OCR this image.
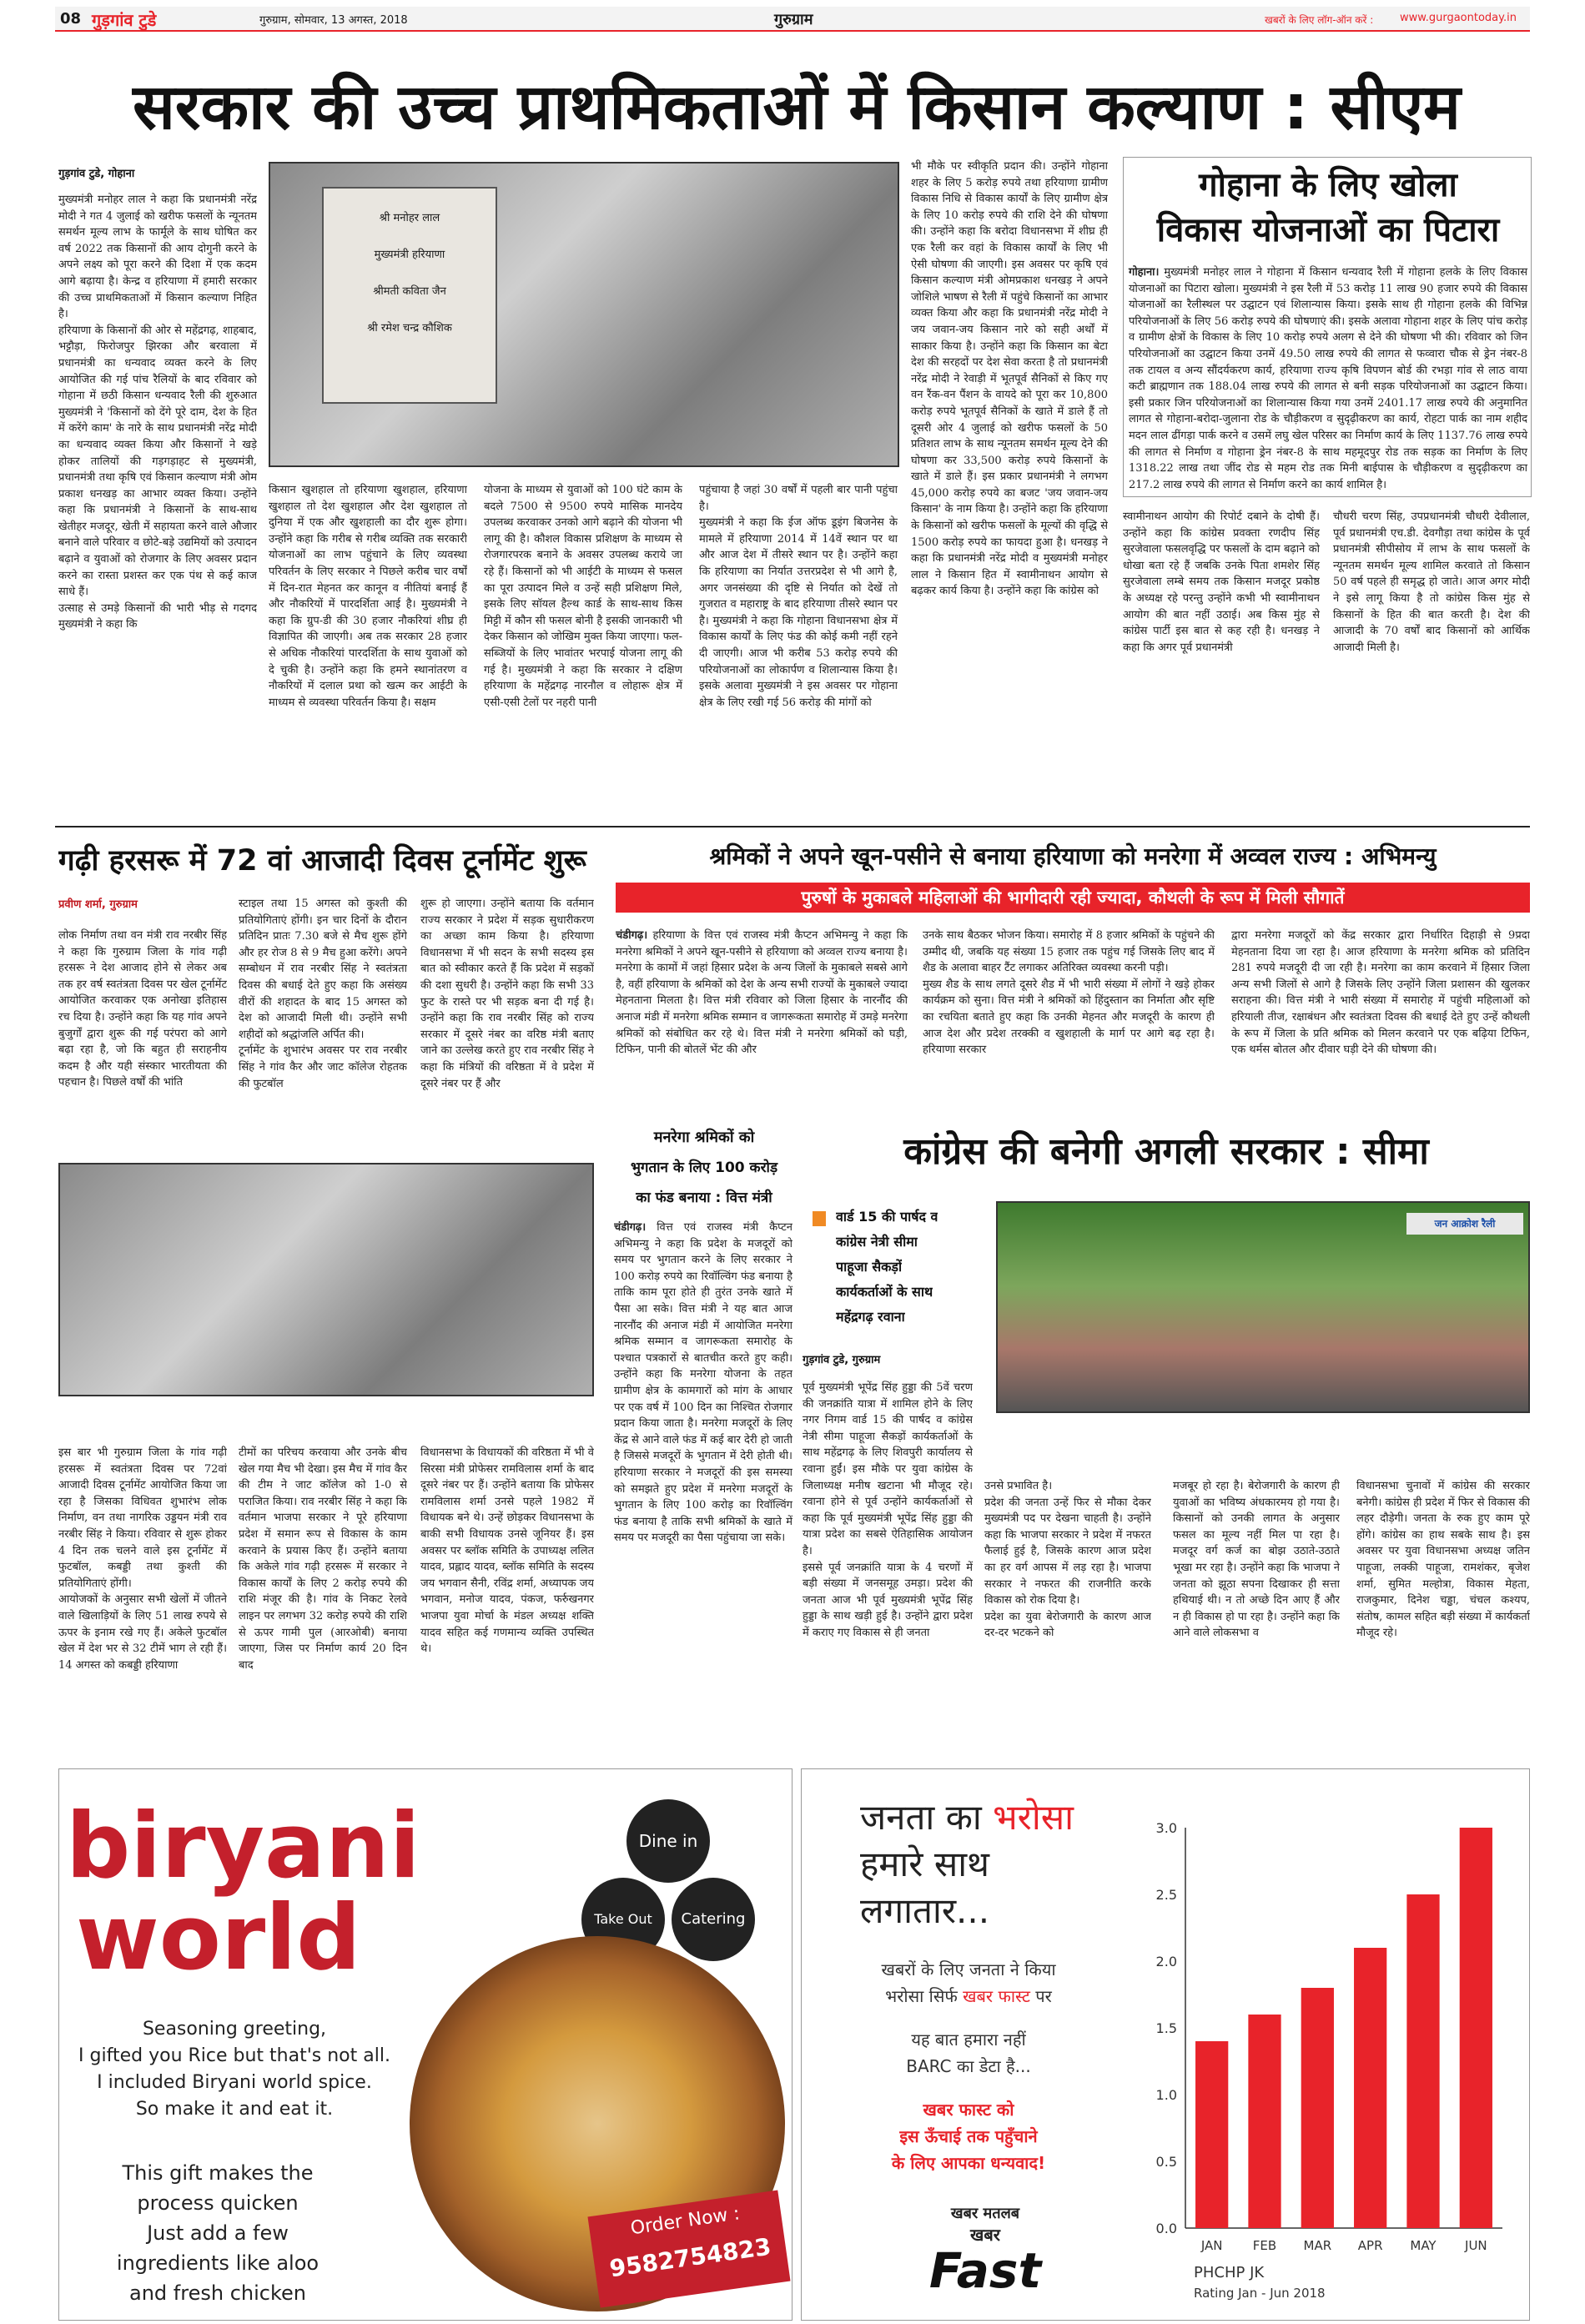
08 गुड़गांव टुडे	गुरुग्राम, सोमवार, 13 अगस्त, 2018	गुरुग्राम	खबरों के लिए लॉग-ऑन करें : www.gurgaontoday.in
सरकार की उच्च प्राथमिकताओं में किसान कल्याण : सीएम
गुड़गांव टुडे, गोहाना
मुख्यमंत्री मनोहर लाल ने कहा कि प्रधानमंत्री नरेंद्र मोदी ने गत 4 जुलाई को खरीफ फसलों के न्यूनतम समर्थन मूल्य लाभ के फार्मूले के साथ घोषित कर वर्ष 2022 तक किसानों की आय दोगुनी करने के अपने लक्ष्य को पूरा करने की दिशा में एक कदम आगे बढ़ाया है। केन्द्र व हरियाणा में हमारी सरकार की उच्च प्राथमिकताओं में किसान कल्याण निहित है।
हरियाणा के किसानों की ओर से महेंद्रगढ़, शाहबाद, भट्टौड़ा, फिरोजपुर झिरका और बरवाला में प्रधानमंत्री का धन्यवाद व्यक्त करने के लिए आयोजित की गई पांच रैलियों के बाद रविवार को गोहाना में छठी किसान धन्यवाद रैली की शुरुआत मुख्यमंत्री ने 'किसानों को देंगे पूरे दाम, देश के हित में करेंगे काम' के नारे के साथ प्रधानमंत्री नरेंद्र मोदी का धन्यवाद व्यक्त किया और किसानों ने खड़े होकर तालियों की गड़गड़ाहट से मुख्यमंत्री, प्रधानमंत्री तथा कृषि एवं किसान कल्याण मंत्री ओम प्रकाश धनखड़ का आभार व्यक्त किया। उन्होंने कहा कि प्रधानमंत्री ने किसानों के साथ-साथ खेतीहर मजदूर, खेती में सहायता करने वाले औजार बनाने वाले परिवार व छोटे-बड़े उद्यमियों को उत्पादन बढ़ाने व युवाओं को रोजगार के लिए अवसर प्रदान करने का रास्ता प्रशस्त कर एक पंथ से कई काज साधे हैं।
उत्साह से उमड़े किसानों की भारी भीड़ से गदगद मुख्यमंत्री ने कहा कि
श्री मनोहर लाल
मुख्यमंत्री हरियाणा
श्रीमती कविता जैन
श्री रमेश चन्द्र कौशिक
किसान खुशहाल तो हरियाणा खुशहाल, हरियाणा खुशहाल तो देश खुशहाल और देश खुशहाल तो दुनिया में एक और खुशहाली का दौर शुरू होगा। उन्होंने कहा कि गरीब से गरीब व्यक्ति तक सरकारी योजनाओं का लाभ पहुंचाने के लिए व्यवस्था परिवर्तन के लिए सरकार ने पिछले करीब चार वर्षों में दिन-रात मेहनत कर कानून व नीतियां बनाई हैं और नौकरियों में पारदर्शिता आई है। मुख्यमंत्री ने कहा कि ग्रुप-डी की 30 हजार नौकरियां शीघ्र ही विज्ञापित की जाएगी। अब तक सरकार 28 हजार से अधिक नौकरियां पारदर्शिता के साथ युवाओं को दे चुकी है। उन्होंने कहा कि हमने स्थानांतरण व नौकरियों में दलाल प्रथा को खत्म कर आईटी के माध्यम से व्यवस्था परिवर्तन किया है। सक्षम
योजना के माध्यम से युवाओं को 100 घंटे काम के बदले 7500 से 9500 रुपये मासिक मानदेय उपलब्ध करवाकर उनको आगे बढ़ाने की योजना भी लागू की है। कौशल विकास प्रशिक्षण के माध्यम से रोजगारपरक बनाने के अवसर उपलब्ध कराये जा रहे हैं। किसानों को भी आईटी के माध्यम से फसल का पूरा उत्पादन मिले व उन्हें सही प्रशिक्षण मिले, इसके लिए सॉयल हैल्थ कार्ड के साथ-साथ किस मिट्टी में कौन सी फसल बोनी है इसकी जानकारी भी देकर किसान को जोखिम मुक्त किया जाएगा। फल-सब्जियों के लिए भावांतर भरपाई योजना लागू की गई है। मुख्यमंत्री ने कहा कि सरकार ने दक्षिण हरियाणा के महेंद्रगढ़ नारनौल व लोहारू क्षेत्र में एसी-एसी टेलों पर नहरी पानी
पहुंचाया है जहां 30 वर्षों में पहली बार पानी पहुंचा है।
मुख्यमंत्री ने कहा कि ईज ऑफ डूइंग बिजनेस के मामले में हरियाणा 2014 में 14वें स्थान पर था और आज देश में तीसरे स्थान पर है। उन्होंने कहा कि हरियाणा का निर्यात उत्तरप्रदेश से भी आगे है, अगर जनसंख्या की दृष्टि से निर्यात को देखें तो गुजरात व महाराष्ट्र के बाद हरियाणा तीसरे स्थान पर है। मुख्यमंत्री ने कहा कि गोहाना विधानसभा क्षेत्र में विकास कार्यों के लिए फंड की कोई कमी नहीं रहने दी जाएगी। आज भी करीब 53 करोड़ रुपये की परियोजनाओं का लोकार्पण व शिलान्यास किया है। इसके अलावा मुख्यमंत्री ने इस अवसर पर गोहाना क्षेत्र के लिए रखी गई 56 करोड़ की मांगों को
भी मौके पर स्वीकृति प्रदान की। उन्होंने गोहाना शहर के लिए 5 करोड़ रुपये तथा हरियाणा ग्रामीण विकास निधि से विकास कार्यों के लिए ग्रामीण क्षेत्र के लिए 10 करोड़ रुपये की राशि देने की घोषणा की। उन्होंने कहा कि बरोदा विधानसभा में शीघ्र ही एक रैली कर वहां के विकास कार्यों के लिए भी ऐसी घोषणा की जाएगी। इस अवसर पर कृषि एवं किसान कल्याण मंत्री ओमप्रकाश धनखड़ ने अपने जोशिले भाषण से रैली में पहुंचे किसानों का आभार व्यक्त किया और कहा कि प्रधानमंत्री नरेंद्र मोदी ने जय जवान-जय किसान नारे को सही अर्थों में साकार किया है। उन्होंने कहा कि किसान का बेटा देश की सरहदों पर देश सेवा करता है तो प्रधानमंत्री नरेंद्र मोदी ने रेवाड़ी में भूतपूर्व सैनिकों से किए गए वन रैंक-वन पैंशन के वायदे को पूरा कर 10,800 करोड़ रुपये भूतपूर्व सैनिकों के खाते में डाले हैं तो दूसरी ओर 4 जुलाई को खरीफ फसलों के 50 प्रतिशत लाभ के साथ न्यूनतम समर्थन मूल्य देने की घोषणा कर 33,500 करोड़ रुपये किसानों के खाते में डाले हैं। इस प्रकार प्रधानमंत्री ने लगभग 45,000 करोड़ रुपये का बजट 'जय जवान-जय किसान' के नाम किया है। उन्होंने कहा कि हरियाणा के किसानों को खरीफ फसलों के मूल्यों की वृद्धि से 1500 करोड़ रुपये का फायदा हुआ है। धनखड़ ने कहा कि प्रधानमंत्री नरेंद्र मोदी व मुख्यमंत्री मनोहर लाल ने किसान हित में स्वामीनाथन आयोग से बढ़कर कार्य किया है। उन्होंने कहा कि कांग्रेस को
गोहाना के लिए खोला
विकास योजनाओं का पिटारा
गोहाना। मुख्यमंत्री मनोहर लाल ने गोहाना में किसान धन्यवाद रैली में गोहाना हलके के लिए विकास योजनाओं का पिटारा खोला। मुख्यमंत्री ने इस रैली में 53 करोड़ 11 लाख 90 हजार रुपये की विकास योजनाओं का रैलीस्थल पर उद्घाटन एवं शिलान्यास किया। इसके साथ ही गोहाना हलके की विभिन्न परियोजनाओं के लिए 56 करोड़ रुपये की घोषणाएं की। इसके अलावा गोहाना शहर के लिए पांच करोड़ व ग्रामीण क्षेत्रों के विकास के लिए 10 करोड़ रुपये अलग से देने की घोषणा भी की। रविवार को जिन परियोजनाओं का उद्घाटन किया उनमें 49.50 लाख रुपये की लागत से फव्वारा चौक से ड्रेन नंबर-8 तक टायल व अन्य सौंदर्यकरण कार्य, हरियाणा राज्य कृषि विपणन बोर्ड की रभड़ा गांव से लाठ वाया कटी ब्राह्मणान तक 188.04 लाख रुपये की लागत से बनी सड़क परियोजनाओं का उद्घाटन किया। इसी प्रकार जिन परियोजनाओं का शिलान्यास किया गया उनमें 2401.17 लाख रुपये की अनुमानित लागत से गोहाना-बरोदा-जुलाना रोड के चौड़ीकरण व सुदृढ़ीकरण का कार्य, रोहटा पार्क का नाम शहीद मदन लाल ढींगड़ा पार्क करने व उसमें लघु खेल परिसर का निर्माण कार्य के लिए 1137.76 लाख रुपये की लागत से निर्माण व गोहाना ड्रेन नंबर-8 के साथ महमूदपुर रोड तक सड़क का निर्माण के लिए 1318.22 लाख तथा जींद रोड से महम रोड तक मिनी बाईपास के चौड़ीकरण व सुदृढ़ीकरण का 217.2 लाख रुपये की लागत से निर्माण करने का कार्य शामिल है।
स्वामीनाथन आयोग की रिपोर्ट दबाने के दोषी हैं। उन्होंने कहा कि कांग्रेस प्रवक्ता रणदीप सिंह सुरजेवाला फसलवृद्धि पर फसलों के दाम बढ़ाने को धोखा बता रहे हैं जबकि उनके पिता शमशेर सिंह सुरजेवाला लम्बे समय तक किसान मजदूर प्रकोष्ठ के अध्यक्ष रहे परन्तु उन्होंने कभी भी स्वामीनाथन आयोग की बात नहीं उठाई। अब किस मुंह से कांग्रेस पार्टी इस बात से कह रही है। धनखड़ ने कहा कि अगर पूर्व प्रधानमंत्री
चौधरी चरण सिंह, उपप्रधानमंत्री चौधरी देवीलाल, पूर्व प्रधानमंत्री एच.डी. देवगौड़ा तथा कांग्रेस के पूर्व प्रधानमंत्री सीपीसोय में लाभ के साथ फसलों के न्यूनतम समर्थन मूल्य शामिल करवाते तो किसान 50 वर्ष पहले ही समृद्ध हो जाते। आज अगर मोदी ने इसे लागू किया है तो कांग्रेस किस मुंह से किसानों के हित की बात करती है। देश की आजादी के 70 वर्षों बाद किसानों को आर्थिक आजादी मिली है।
गढ़ी हरसरू में 72 वां आजादी दिवस टूर्नामेंट शुरू
प्रवीण शर्मा, गुरुग्राम
लोक निर्माण तथा वन मंत्री राव नरबीर सिंह ने कहा कि गुरुग्राम जिला के गांव गढ़ी हरसरू ने देश आजाद होने से लेकर अब तक हर वर्ष स्वतंत्रता दिवस पर खेल टूर्नामेंट आयोजित करवाकर एक अनोखा इतिहास रच दिया है। उन्होंने कहा कि यह गांव अपने बुजुर्गों द्वारा शुरू की गई परंपरा को आगे बढ़ा रहा है, जो कि बहुत ही सराहनीय कदम है और यही संस्कार भारतीयता की पहचान है। पिछले वर्षों की भांति
स्टाइल तथा 15 अगस्त को कुश्ती की प्रतियोगिताएं होंगी। इन चार दिनों के दौरान प्रतिदिन प्रातः 7.30 बजे से मैच शुरू होंगे और हर रोज 8 से 9 मैच हुआ करेंगे। अपने सम्बोधन में राव नरबीर सिंह ने स्वतंत्रता दिवस की बधाई देते हुए कहा कि असंख्य वीरों की शहादत के बाद 15 अगस्त को देश को आजादी मिली थी। उन्होंने सभी शहीदों को श्रद्धांजलि अर्पित की।
टूर्नामेंट के शुभारंभ अवसर पर राव नरबीर सिंह ने गांव कैर और जाट कॉलेज रोहतक की फुटबॉल
शुरू हो जाएगा। उन्होंने बताया कि वर्तमान राज्य सरकार ने प्रदेश में सड़क सुधारीकरण का अच्छा काम किया है। हरियाणा विधानसभा में भी सदन के सभी सदस्य इस बात को स्वीकार करते हैं कि प्रदेश में सड़कों की दशा सुधरी है। उन्होंने कहा कि सभी 33 फुट के रास्ते पर भी सड़क बना दी गई है। उन्होंने कहा कि राव नरबीर सिंह को राज्य सरकार में दूसरे नंबर का वरिष्ठ मंत्री बताए जाने का उल्लेख करते हुए राव नरबीर सिंह ने कहा कि मंत्रियों की वरिष्ठता में वे प्रदेश में दूसरे नंबर पर हैं और
इस बार भी गुरुग्राम जिला के गांव गढ़ी हरसरू में स्वतंत्रता दिवस पर 72वां आजादी दिवस टूर्नामेंट आयोजित किया जा रहा है जिसका विधिवत शुभारंभ लोक निर्माण, वन तथा नागरिक उड्डयन मंत्री राव नरबीर सिंह ने किया। रविवार से शुरू होकर 4 दिन तक चलने वाले इस टूर्नामेंट में फुटबॉल, कबड्डी तथा कुश्ती की प्रतियोगिताएं होंगी।
आयोजकों के अनुसार सभी खेलों में जीतने वाले खिलाड़ियों के लिए 51 लाख रुपये से ऊपर के इनाम रखे गए हैं। अकेले फुटबॉल खेल में देश भर से 32 टीमें भाग ले रही हैं। 14 अगस्त को कबड्डी हरियाणा
टीमों का परिचय करवाया और उनके बीच खेल गया मैच भी देखा। इस मैच में गांव कैर की टीम ने जाट कॉलेज को 1-0 से पराजित किया। राव नरबीर सिंह ने कहा कि वर्तमान भाजपा सरकार ने पूरे हरियाणा प्रदेश में समान रूप से विकास के काम करवाने के प्रयास किए हैं। उन्होंने बताया कि अकेले गांव गढ़ी हरसरू में सरकार ने विकास कार्यों के लिए 2 करोड़ रुपये की राशि मंजूर की है। गांव के निकट रेलवे लाइन पर लगभग 32 करोड़ रुपये की राशि से ऊपर गामी पुल (आरओबी) बनाया जाएगा, जिस पर निर्माण कार्य 20 दिन बाद
विधानसभा के विधायकों की वरिष्ठता में भी वे सिरसा मंत्री प्रोफेसर रामविलास शर्मा के बाद दूसरे नंबर पर हैं। उन्होंने बताया कि प्रोफेसर रामविलास शर्मा उनसे पहले 1982 में विधायक बने थे। उन्हें छोड़कर विधानसभा के बाकी सभी विधायक उनसे जूनियर हैं। इस अवसर पर ब्लॉक समिति के उपाध्यक्ष ललित यादव, प्रह्लाद यादव, ब्लॉक समिति के सदस्य जय भगवान सैनी, रविंद्र शर्मा, अध्यापक जय भगवान, मनोज यादव, पंकज, फर्रुखनगर भाजपा युवा मोर्चा के मंडल अध्यक्ष शक्ति यादव सहित कई गणमान्य व्यक्ति उपस्थित थे।
श्रमिकों ने अपने खून-पसीने से बनाया हरियाणा को मनरेगा में अव्वल राज्य : अभिमन्यु
पुरुषों के मुकाबले महिलाओं की भागीदारी रही ज्यादा, कौथली के रूप में मिली सौगातें
चंडीगढ़। हरियाणा के वित्त एवं राजस्व मंत्री कैप्टन अभिमन्यु ने कहा कि मनरेगा श्रमिकों ने अपने खून-पसीने से हरियाणा को अव्वल राज्य बनाया है। मनरेगा के कामों में जहां हिसार प्रदेश के अन्य जिलों के मुकाबले सबसे आगे है, वहीं हरियाणा के श्रमिकों को देश के अन्य सभी राज्यों के मुकाबले ज्यादा मेहनताना मिलता है। वित्त मंत्री रविवार को जिला हिसार के नारनौंद की अनाज मंडी में मनरेगा श्रमिक सम्मान व जागरूकता समारोह में उमड़े मनरेगा श्रमिकों को संबोधित कर रहे थे। वित्त मंत्री ने मनरेगा श्रमिकों को घड़ी, टिफिन, पानी की बोतलें भेंट की और
उनके साथ बैठकर भोजन किया। समारोह में 8 हजार श्रमिकों के पहुंचने की उम्मीद थी, जबकि यह संख्या 15 हजार तक पहुंच गई जिसके लिए बाद में शैड के अलावा बाहर टैंट लगाकर अतिरिक्त व्यवस्था करनी पड़ी।
मुख्य शैड के साथ लगते दूसरे शैड में भी भारी संख्या में लोगों ने खड़े होकर कार्यक्रम को सुना। वित्त मंत्री ने श्रमिकों को हिंदुस्तान का निर्माता और सृष्टि का रचयिता बताते हुए कहा कि उनकी मेहनत और मजदूरी के कारण ही आज देश और प्रदेश तरक्की व खुशहाली के मार्ग पर आगे बढ़ रहा है। हरियाणा सरकार
द्वारा मनरेगा मजदूरों को केंद्र सरकार द्वारा निर्धारित दिहाड़ी से 9प्रदा मेहनताना दिया जा रहा है। आज हरियाणा के मनरेगा श्रमिक को प्रतिदिन 281 रुपये मजदूरी दी जा रही है। मनरेगा का काम करवाने में हिसार जिला अन्य सभी जिलों से आगे है जिसके लिए उन्होंने जिला प्रशासन की खुलकर सराहना की। वित्त मंत्री ने भारी संख्या में समारोह में पहुंची महिलाओं को हरियाली तीज, रक्षाबंधन और स्वतंत्रता दिवस की बधाई देते हुए उन्हें कौथली के रूप में जिला के प्रति श्रमिक को मिलन करवाने पर एक बढ़िया टिफिन, एक थर्मस बोतल और दीवार घड़ी देने की घोषणा की।
मनरेगा श्रमिकों को
भुगतान के लिए 100 करोड़
का फंड बनाया : वित्त मंत्री
चंडीगढ़। वित्त एवं राजस्व मंत्री कैप्टन अभिमन्यु ने कहा कि प्रदेश के मजदूरों को समय पर भुगतान करने के लिए सरकार ने 100 करोड़ रुपये का रिवॉल्विंग फंड बनाया है ताकि काम पूरा होते ही तुरंत उनके खाते में पैसा आ सके। वित्त मंत्री ने यह बात आज नारनौंद की अनाज मंडी में आयोजित मनरेगा श्रमिक सम्मान व जागरूकता समारोह के पश्चात पत्रकारों से बातचीत करते हुए कही। उन्होंने कहा कि मनरेगा योजना के तहत ग्रामीण क्षेत्र के कामगारों को मांग के आधार पर एक वर्ष में 100 दिन का निश्चित रोजगार प्रदान किया जाता है। मनरेगा मजदूरों के लिए केंद्र से आने वाले फंड में कई बार देरी हो जाती है जिससे मजदूरों के भुगतान में देरी होती थी। हरियाणा सरकार ने मजदूरों की इस समस्या को समझते हुए प्रदेश में मनरेगा मजदूरों के भुगतान के लिए 100 करोड़ का रिवॉल्विंग फंड बनाया है ताकि सभी श्रमिकों के खाते में समय पर मजदूरी का पैसा पहुंचाया जा सके।
कांग्रेस की बनेगी अगली सरकार : सीमा
वार्ड 15 की पार्षद व
कांग्रेस नेत्री सीमा
पाहूजा सैकड़ों
कार्यकर्ताओं के साथ
महेंद्रगढ़ रवाना
गुड़गांव टुडे, गुरुग्राम
जन आक्रोश रैली
पूर्व मुख्यमंत्री भूपेंद्र सिंह हुड्डा की 5वें चरण की जनक्रांति यात्रा में शामिल होने के लिए नगर निगम वार्ड 15 की पार्षद व कांग्रेस नेत्री सीमा पाहूजा सैकड़ों कार्यकर्ताओं के साथ महेंद्रगढ़ के लिए शिवपुरी कार्यालय से रवाना हुईं। इस मौके पर युवा कांग्रेस के जिलाध्यक्ष मनीष खटाना भी मौजूद रहे। रवाना होने से पूर्व उन्होंने कार्यकर्ताओं से कहा कि पूर्व मुख्यमंत्री भूपेंद्र सिंह हुड्डा की यात्रा प्रदेश का सबसे ऐतिहासिक आयोजन है।
इससे पूर्व जनक्रांति यात्रा के 4 चरणों में बड़ी संख्या में जनसमूह उमड़ा। प्रदेश की जनता आज भी पूर्व मुख्यमंत्री भूपेंद्र सिंह हुड्डा के साथ खड़ी हुई है। उन्होंने द्वारा प्रदेश में कराए गए विकास से ही जनता
उनसे प्रभावित है।
प्रदेश की जनता उन्हें फिर से मौका देकर मुख्यमंत्री पद पर देखना चाहती है। उन्होंने कहा कि भाजपा सरकार ने प्रदेश में नफरत फैलाई हुई है, जिसके कारण आज प्रदेश का हर वर्ग आपस में लड़ रहा है। भाजपा सरकार ने नफरत की राजनीति करके विकास को रोक दिया है।
प्रदेश का युवा बेरोजगारी के कारण आज दर-दर भटकने को
मजबूर हो रहा है। बेरोजगारी के कारण ही युवाओं का भविष्य अंधकारमय हो गया है। किसानों को उनकी लागत के अनुसार फसल का मूल्य नहीं मिल पा रहा है। मजदूर वर्ग कर्ज का बोझ उठाते-उठाते भूखा मर रहा है। उन्होंने कहा कि भाजपा ने जनता को झूठा सपना दिखाकर ही सत्ता हथियाई थी। न तो अच्छे दिन आए हैं और न ही विकास हो पा रहा है। उन्होंने कहा कि आने वाले लोकसभा व
विधानसभा चुनावों में कांग्रेस की सरकार बनेगी। कांग्रेस ही प्रदेश में फिर से विकास की लहर दौड़ेगी। जनता के रुक हुए काम पूरे होंगे। कांग्रेस का हाथ सबके साथ है। इस अवसर पर युवा विधानसभा अध्यक्ष जतिन पाहूजा, लक्की पाहूजा, रामशंकर, बृजेश शर्मा, सुमित मल्होत्रा, विकास मेहता, राजकुमार, दिनेश चड्ढा, चंचल कश्यप, संतोष, कामल सहित बड़ी संख्या में कार्यकर्ता मौजूद रहे।
biryani
world
Seasoning greeting,
I gifted you Rice but that's not all.
I included Biryani world spice.
So make it and eat it.
This gift makes the
process quicken
Just add a few
ingredients like aloo
and fresh chicken
Dine in
Take Out	Catering
Order Now :
9582754823
जनता का भरोसा
हमारे साथ
लगातार...
खबरों के लिए जनता ने किया
भरोसा सिर्फ खबर फास्ट पर
यह बात हमारा नहीं
BARC का डेटा है...
खबर फास्ट को
इस ऊँचाई तक पहुँचाने
के लिए आपका धन्यवाद!
खबर मतलब
खबर
Fast
0.0
0.5
1.0
1.5
2.0
2.5
3.0
JAN FEB MAR APR MAY JUN
PHCHP JK
Rating Jan - Jun 2018
